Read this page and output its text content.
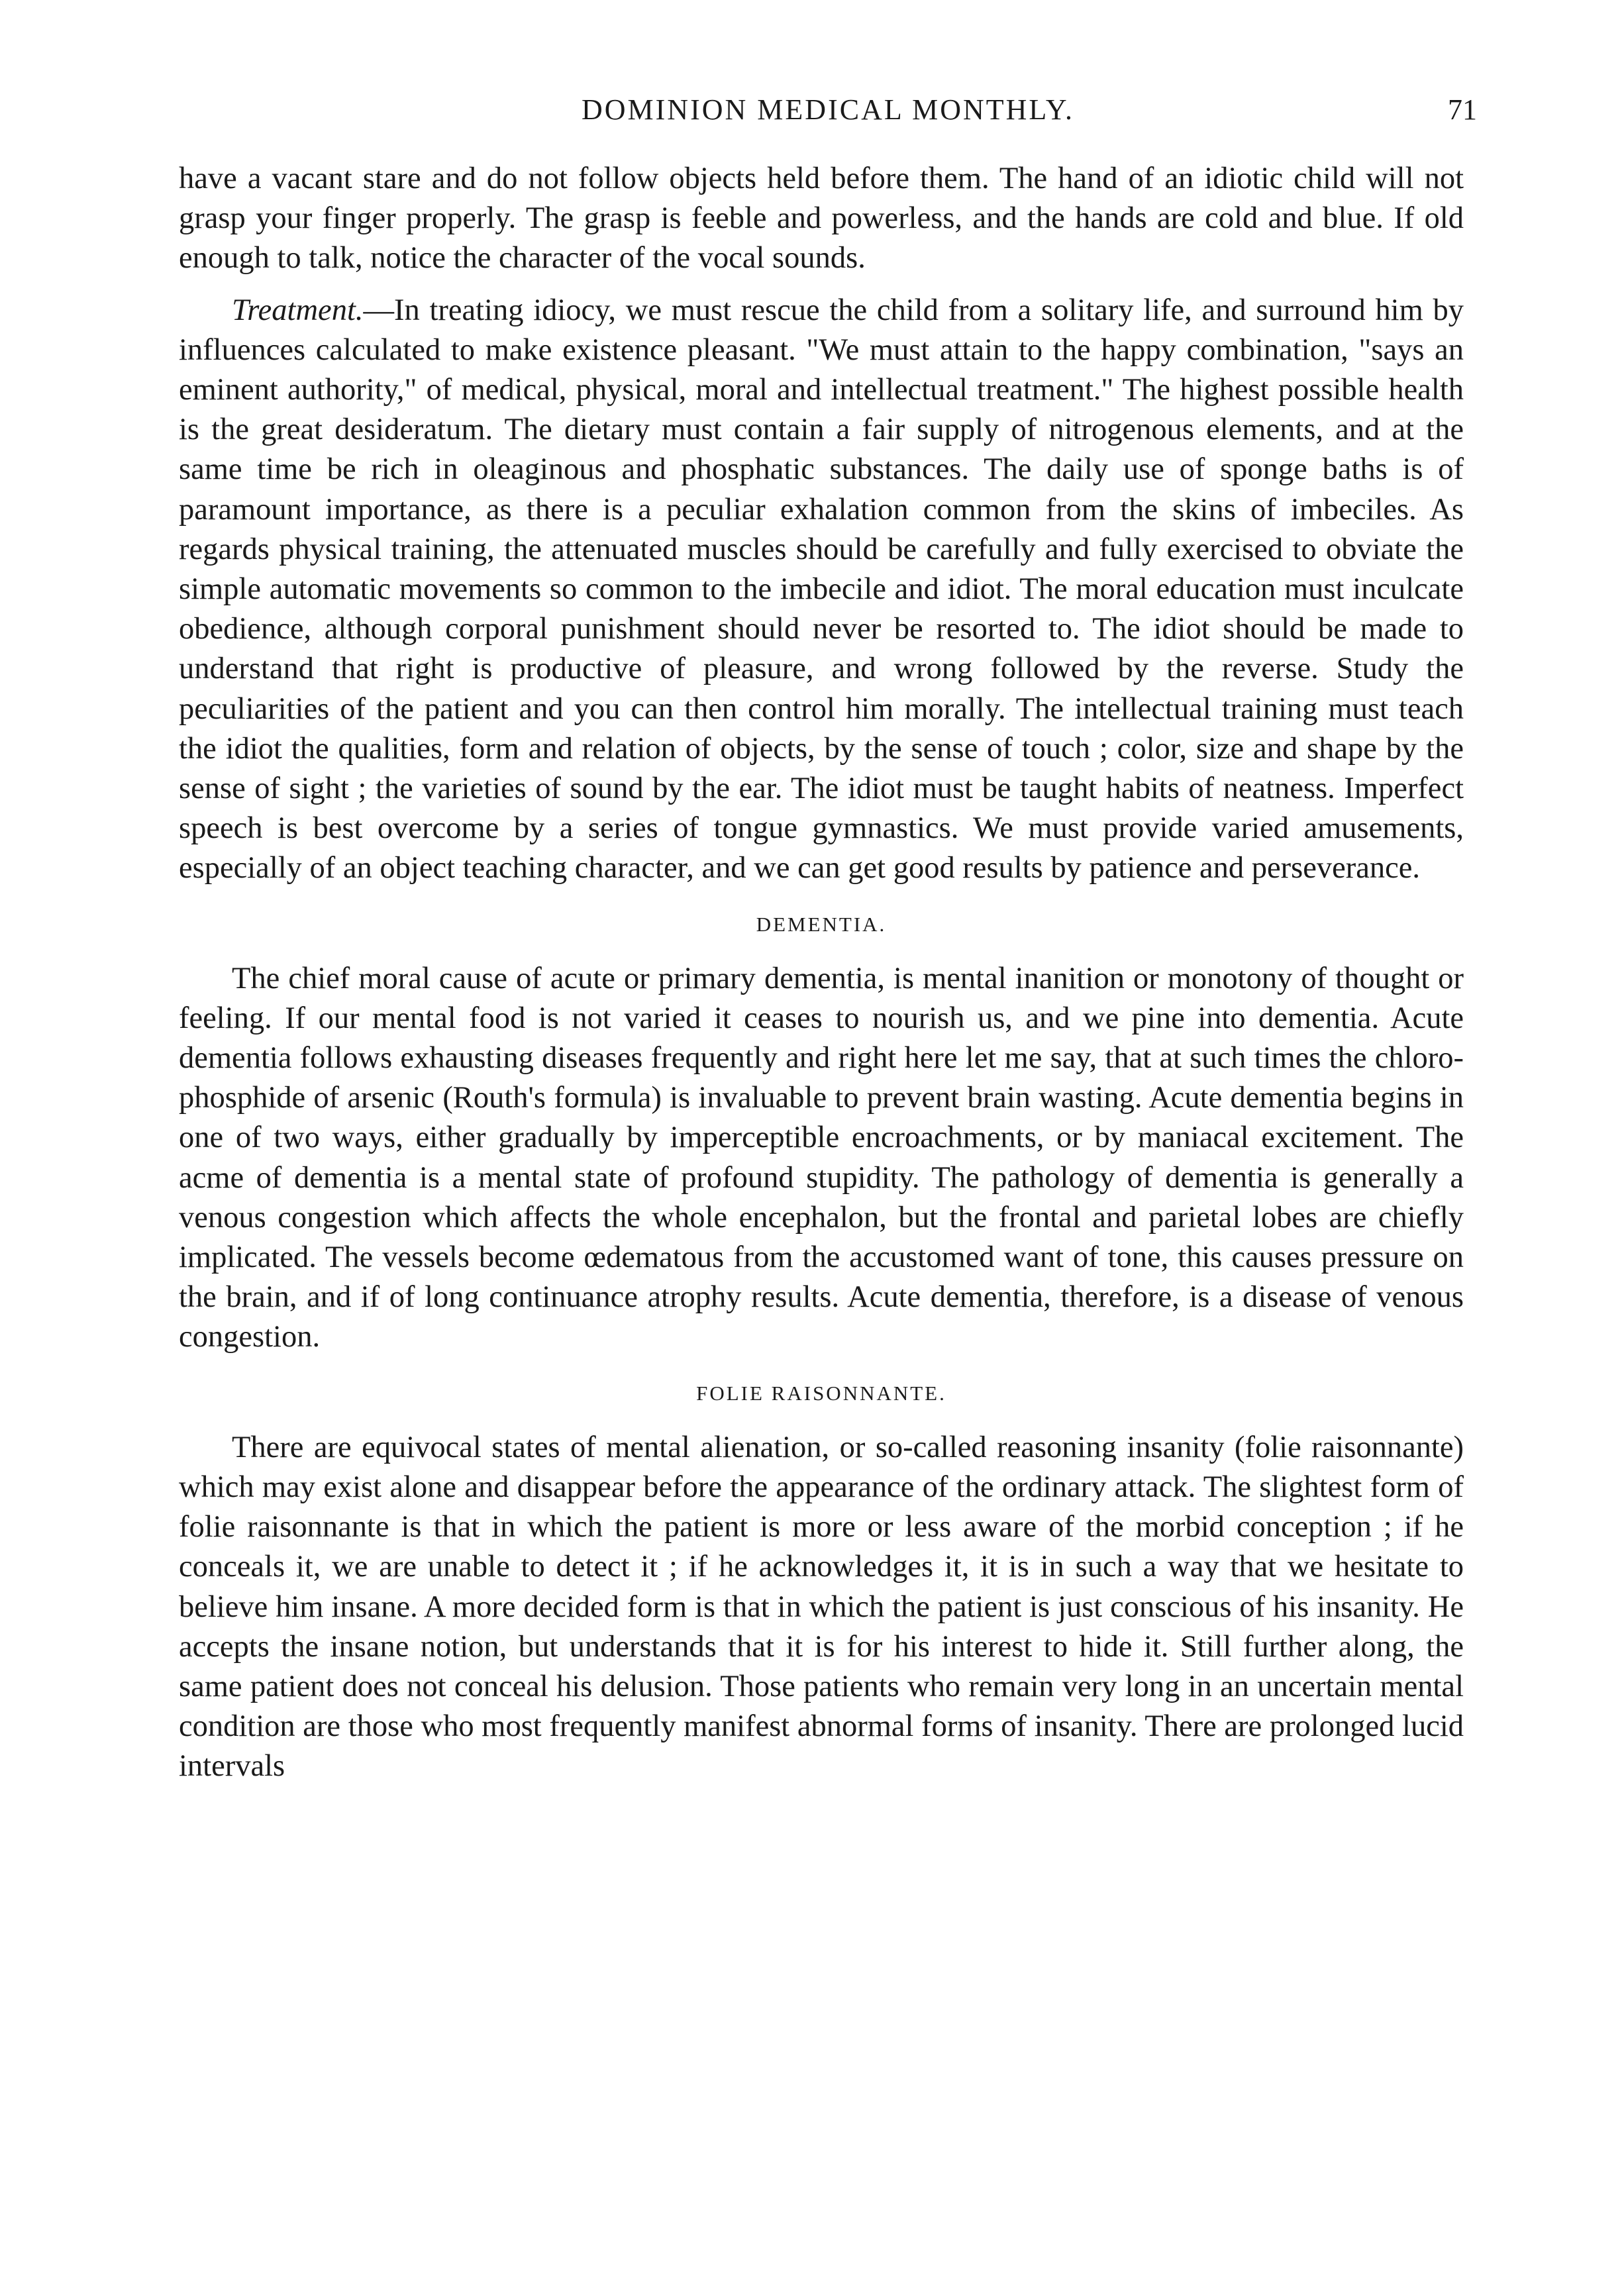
DOMINION MEDICAL MONTHLY.	71

have a vacant stare and do not follow objects held before them. The hand of an idiotic child will not grasp your finger properly. The grasp is feeble and powerless, and the hands are cold and blue. If old enough to talk, notice the character of the vocal sounds.

Treatment.—In treating idiocy, we must rescue the child from a solitary life, and surround him by influences calculated to make existence pleasant. "We must attain to the happy combination, "says an eminent authority," of medical, physical, moral and intellectual treatment." The highest possible health is the great desideratum. The dietary must contain a fair supply of nitrogenous elements, and at the same time be rich in oleaginous and phosphatic substances. The daily use of sponge baths is of paramount importance, as there is a peculiar exhalation common from the skins of imbeciles. As regards physical training, the attenuated muscles should be carefully and fully exercised to obviate the simple automatic movements so common to the imbecile and idiot. The moral education must inculcate obedience, although corporal punishment should never be resorted to. The idiot should be made to understand that right is productive of pleasure, and wrong followed by the reverse. Study the peculiarities of the patient and you can then control him morally. The intellectual training must teach the idiot the qualities, form and relation of objects, by the sense of touch ; color, size and shape by the sense of sight ; the varieties of sound by the ear. The idiot must be taught habits of neatness. Imperfect speech is best overcome by a series of tongue gymnastics. We must provide varied amusements, especially of an object teaching character, and we can get good results by patience and perseverance.

DEMENTIA.

The chief moral cause of acute or primary dementia, is mental inanition or monotony of thought or feeling. If our mental food is not varied it ceases to nourish us, and we pine into dementia. Acute dementia follows exhausting diseases frequently and right here let me say, that at such times the chloro-phosphide of arsenic (Routh's formula) is invaluable to prevent brain wasting. Acute dementia begins in one of two ways, either gradually by imperceptible encroachments, or by maniacal excitement. The acme of dementia is a mental state of profound stupidity. The pathology of dementia is generally a venous congestion which affects the whole encephalon, but the frontal and parietal lobes are chiefly implicated. The vessels become œdematous from the accustomed want of tone, this causes pressure on the brain, and if of long continuance atrophy results. Acute dementia, therefore, is a disease of venous congestion.

FOLIE RAISONNANTE.

There are equivocal states of mental alienation, or so-called reasoning insanity (folie raisonnante) which may exist alone and disappear before the appearance of the ordinary attack. The slightest form of folie raisonnante is that in which the patient is more or less aware of the morbid conception ; if he conceals it, we are unable to detect it ; if he acknowledges it, it is in such a way that we hesitate to believe him insane. A more decided form is that in which the patient is just conscious of his insanity. He accepts the insane notion, but understands that it is for his interest to hide it. Still further along, the same patient does not conceal his delusion. Those patients who remain very long in an uncertain mental condition are those who most frequently manifest abnormal forms of insanity. There are prolonged lucid intervals
